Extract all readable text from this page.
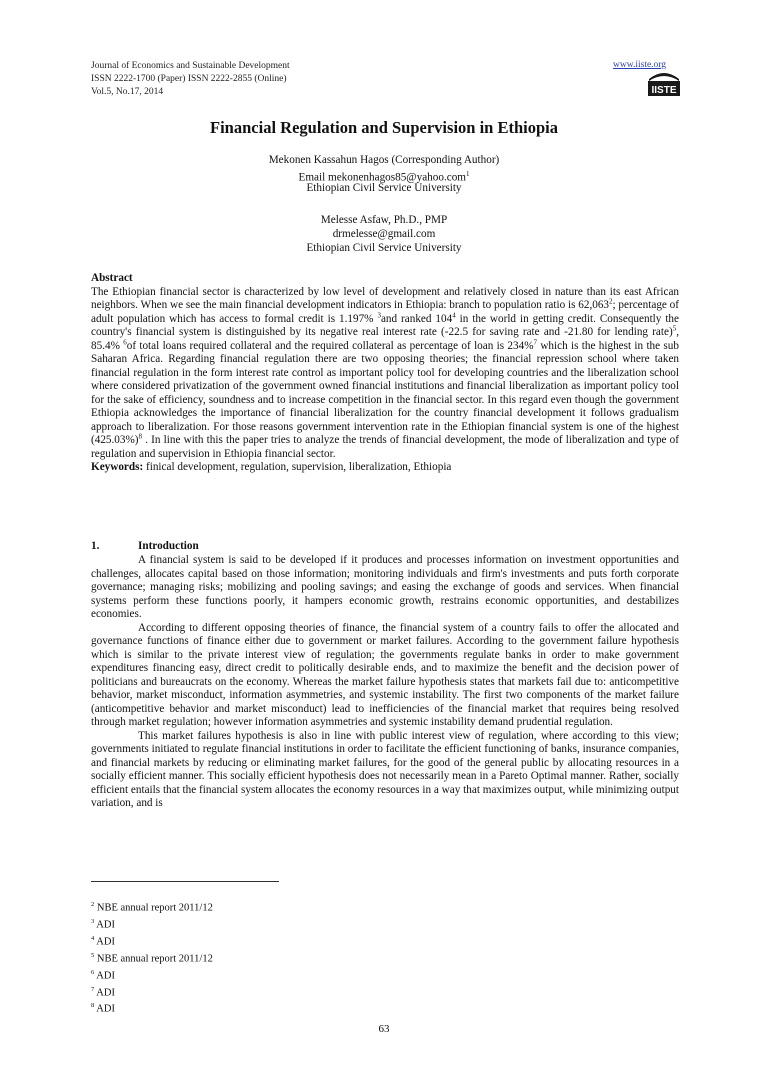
Journal of Economics and Sustainable Development
ISSN 2222-1700 (Paper) ISSN 2222-2855 (Online)
Vol.5, No.17, 2014
www.iiste.org
IISTE
Financial Regulation and Supervision in Ethiopia
Mekonen Kassahun Hagos (Corresponding Author)
Email mekonenhagos85@yahoo.com$^1$
Ethiopian Civil Service University
Melesse Asfaw, Ph.D., PMP
drmelesse@gmail.com
Ethiopian Civil Service University

Abstract

The Ethiopian financial sector is characterized by low level of development and relatively closed in nature than its east African neighbors. When we see the main financial development indicators in Ethiopia: branch to population ratio is 62,063$^2$; percentage of adult population which has access to formal credit is 1.197% $^3$and ranked $104^4$ in the world in getting credit. Consequently the country's financial system is distinguished by its negative real interest rate (-22.5 for saving rate and -21.80 for lending rate)$^5$, 85.4% $^6$of total loans required collateral and the required collateral as percentage of loan is 234%$^7$ which is the highest in the sub Saharan Africa. Regarding financial regulation there are two opposing theories; the financial repression school where taken financial regulation in the form interest rate control as important policy tool for developing countries and the liberalization school where considered privatization of the government owned financial institutions and financial liberalization as important policy tool for the sake of efficiency, soundness and to increase competition in the financial sector. In this regard even though the government Ethiopia acknowledges the importance of financial liberalization for the country financial development it follows gradualism approach to liberalization. For those reasons government intervention rate in the Ethiopian financial system is one of the highest $(425.03\%)^8$ . In line with this the paper tries to analyze the trends of financial development, the mode of liberalization and type of regulation and supervision in Ethiopia financial sector.

Keywords: finical development, regulation, supervision, liberalization, Ethiopia

1.	Introduction

A financial system is said to be developed if it produces and processes information on investment opportunities and challenges, allocates capital based on those information; monitoring individuals and firm's investments and puts forth corporate governance; managing risks; mobilizing and pooling savings; and easing the exchange of goods and services. When financial systems perform these functions poorly, it hampers economic growth, restrains economic opportunities, and destabilizes economies.

According to different opposing theories of finance, the financial system of a country fails to offer the allocated and governance functions of finance either due to government or market failures. According to the government failure hypothesis which is similar to the private interest view of regulation; the governments regulate banks in order to make government expenditures financing easy, direct credit to politically desirable ends, and to maximize the benefit and the decision power of politicians and bureaucrats on the economy. Whereas the market failure hypothesis states that markets fail due to: anticompetitive behavior, market misconduct, information asymmetries, and systemic instability. The first two components of the market failure (anticompetitive behavior and market misconduct) lead to inefficiencies of the financial market that requires being resolved through market regulation; however information asymmetries and systemic instability demand prudential regulation.

This market failures hypothesis is also in line with public interest view of regulation, where according to this view; governments initiated to regulate financial institutions in order to facilitate the efficient functioning of banks, insurance companies, and financial markets by reducing or eliminating market failures, for the good of the general public by allocating resources in a socially efficient manner. This socially efficient hypothesis does not necessarily mean in a Pareto Optimal manner. Rather, socially efficient entails that the financial system allocates the economy resources in a way that maximizes output, while minimizing output variation, and is

$^2$ NBE annual report 2011/12
$^3$ ADI
$^4$ ADI
$^5$ NBE annual report 2011/12
$^6$ ADI
$^7$ ADI
$^8$ ADI
63
